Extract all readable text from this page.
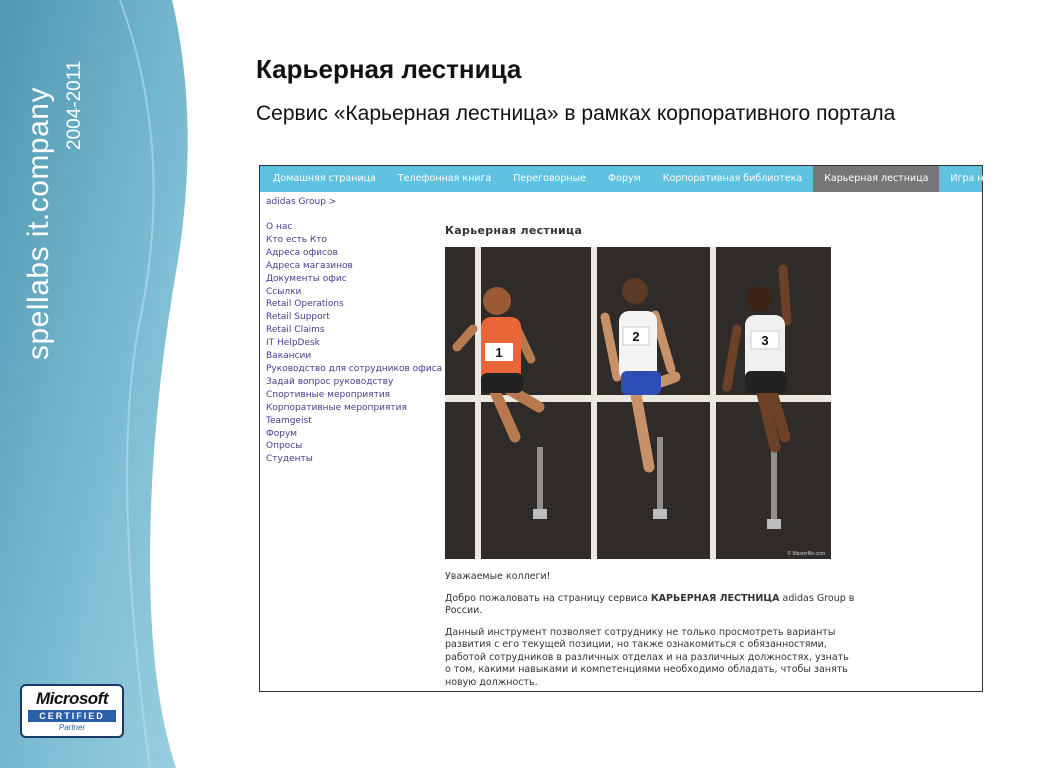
spellabs it.company 2004-2011
Microsoft
CERTIFIED
Partner
Карьерная лестница

Сервис «Карьерная лестница» в рамках корпоративного портала

Домашняя страница	Телефонная книга	Переговорные	Форум	Корпоративная библиотека	Карьерная лестница	Игра на выезде
adidas Group >
О нас
Кто есть Кто
Адреса офисов
Адреса магазинов
Документы офис
Ссылки
Retail Operations
Retail Support
Retail Claims
IT HelpDesk
Вакансии
Руководство для сотрудников офиса
Задай вопрос руководству
Спортивные мероприятия
Корпоративные мероприятия
Teamgeist
Форум
Опросы
Студенты
Карьерная лестница
1
2	3
© Masterfile.com

Уважаемые коллеги!

Добро пожаловать на страницу сервиса КАРЬЕРНАЯ ЛЕСТНИЦА adidas Group в России.

Данный инструмент позволяет сотруднику не только просмотреть варианты развития с его текущей позиции, но также ознакомиться с обязанностями, работой сотрудников в различных отделах и на различных должностях, узнать о том, какими навыками и компетенциями необходимо обладать, чтобы занять новую должность.
